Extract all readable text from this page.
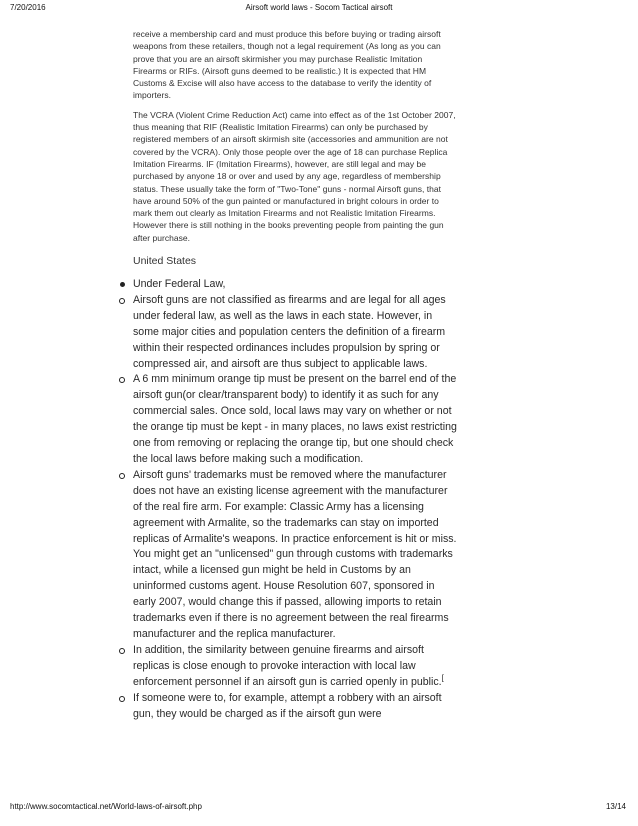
7/20/2016	Airsoft world laws - Socom Tactical airsoft

receive a membership card and must produce this before buying or trading airsoft weapons from these retailers, though not a legal requirement (As long as you can prove that you are an airsoft skirmisher you may purchase Realistic Imitation Firearms or RIFs. (Airsoft guns deemed to be realistic.) It is expected that HM Customs & Excise will also have access to the database to verify the identity of importers.

The VCRA (Violent Crime Reduction Act) came into effect as of the 1st October 2007, thus meaning that RIF (Realistic Imitation Firearms) can only be purchased by registered members of an airsoft skirmish site (accessories and ammunition are not covered by the VCRA). Only those people over the age of 18 can purchase Replica Imitation Firearms. IF (Imitation Firearms), however, are still legal and may be purchased by anyone 18 or over and used by any age, regardless of membership status. These usually take the form of "Two-Tone" guns - normal Airsoft guns, that have around 50% of the gun painted or manufactured in bright colours in order to mark them out clearly as Imitation Firearms and not Realistic Imitation Firearms. However there is still nothing in the books preventing people from painting the gun after purchase.

United States
Under Federal Law,
Airsoft guns are not classified as firearms and are legal for all ages under federal law, as well as the laws in each state. However, in some major cities and population centers the definition of a firearm within their respected ordinances includes propulsion by spring or compressed air, and airsoft are thus subject to applicable laws.
A 6 mm minimum orange tip must be present on the barrel end of the airsoft gun(or clear/transparent body) to identify it as such for any commercial sales. Once sold, local laws may vary on whether or not the orange tip must be kept - in many places, no laws exist restricting one from removing or replacing the orange tip, but one should check the local laws before making such a modification.
Airsoft guns' trademarks must be removed where the manufacturer does not have an existing license agreement with the manufacturer of the real fire arm. For example: Classic Army has a licensing agreement with Armalite, so the trademarks can stay on imported replicas of Armalite's weapons. In practice enforcement is hit or miss. You might get an "unlicensed" gun through customs with trademarks intact, while a licensed gun might be held in Customs by an uninformed customs agent. House Resolution 607, sponsored in early 2007, would change this if passed, allowing imports to retain trademarks even if there is no agreement between the real firearms manufacturer and the replica manufacturer.
In addition, the similarity between genuine firearms and airsoft replicas is close enough to provoke interaction with local law enforcement personnel if an airsoft gun is carried openly in public.[
If someone were to, for example, attempt a robbery with an airsoft gun, they would be charged as if the airsoft gun were
http://www.socomtactical.net/World-laws-of-airsoft.php	13/14
